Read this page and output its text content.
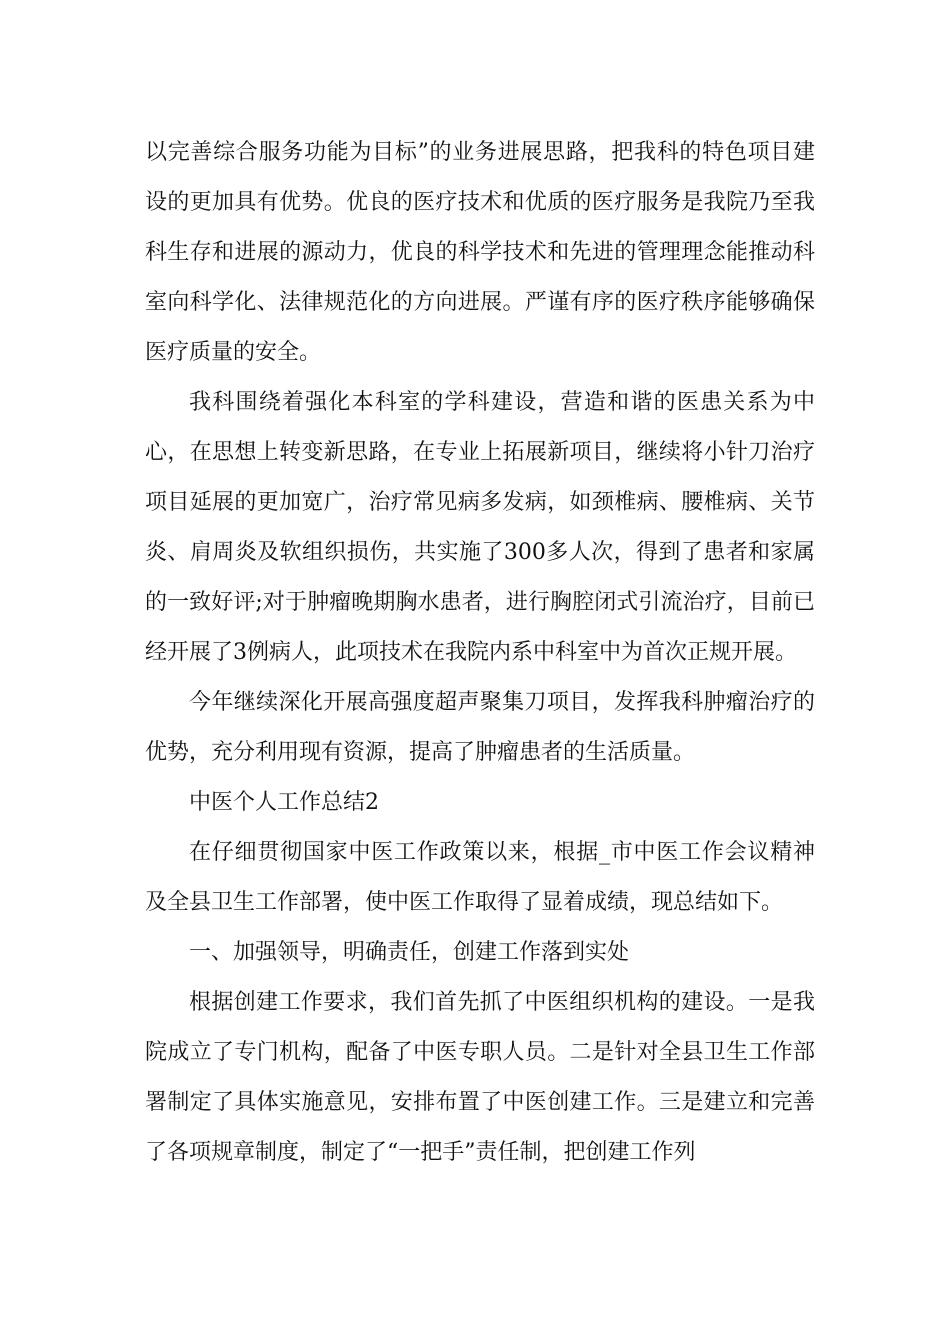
以完善综合服务功能为目标”的业务进展思路，把我科的特色项目建设的更加具有优势。优良的医疗技术和优质的医疗服务是我院乃至我科生存和进展的源动力，优良的科学技术和先进的管理理念能推动科室向科学化、法律规范化的方向进展。严谨有序的医疗秩序能够确保医疗质量的安全。

我科围绕着强化本科室的学科建设，营造和谐的医患关系为中心，在思想上转变新思路，在专业上拓展新项目，继续将小针刀治疗项目延展的更加宽广，治疗常见病多发病，如颈椎病、腰椎病、关节炎、肩周炎及软组织损伤，共实施了300多人次，得到了患者和家属的一致好评;对于肿瘤晚期胸水患者，进行胸腔闭式引流治疗，目前已经开展了3例病人，此项技术在我院内系中科室中为首次正规开展。

今年继续深化开展高强度超声聚集刀项目，发挥我科肿瘤治疗的优势，充分利用现有资源，提高了肿瘤患者的生活质量。

中医个人工作总结2

在仔细贯彻国家中医工作政策以来，根据_市中医工作会议精神及全县卫生工作部署，使中医工作取得了显着成绩，现总结如下。

一、加强领导，明确责任，创建工作落到实处

根据创建工作要求，我们首先抓了中医组织机构的建设。一是我院成立了专门机构，配备了中医专职人员。二是针对全县卫生工作部署制定了具体实施意见，安排布置了中医创建工作。三是建立和完善了各项规章制度，制定了“一把手”责任制，把创建工作列
